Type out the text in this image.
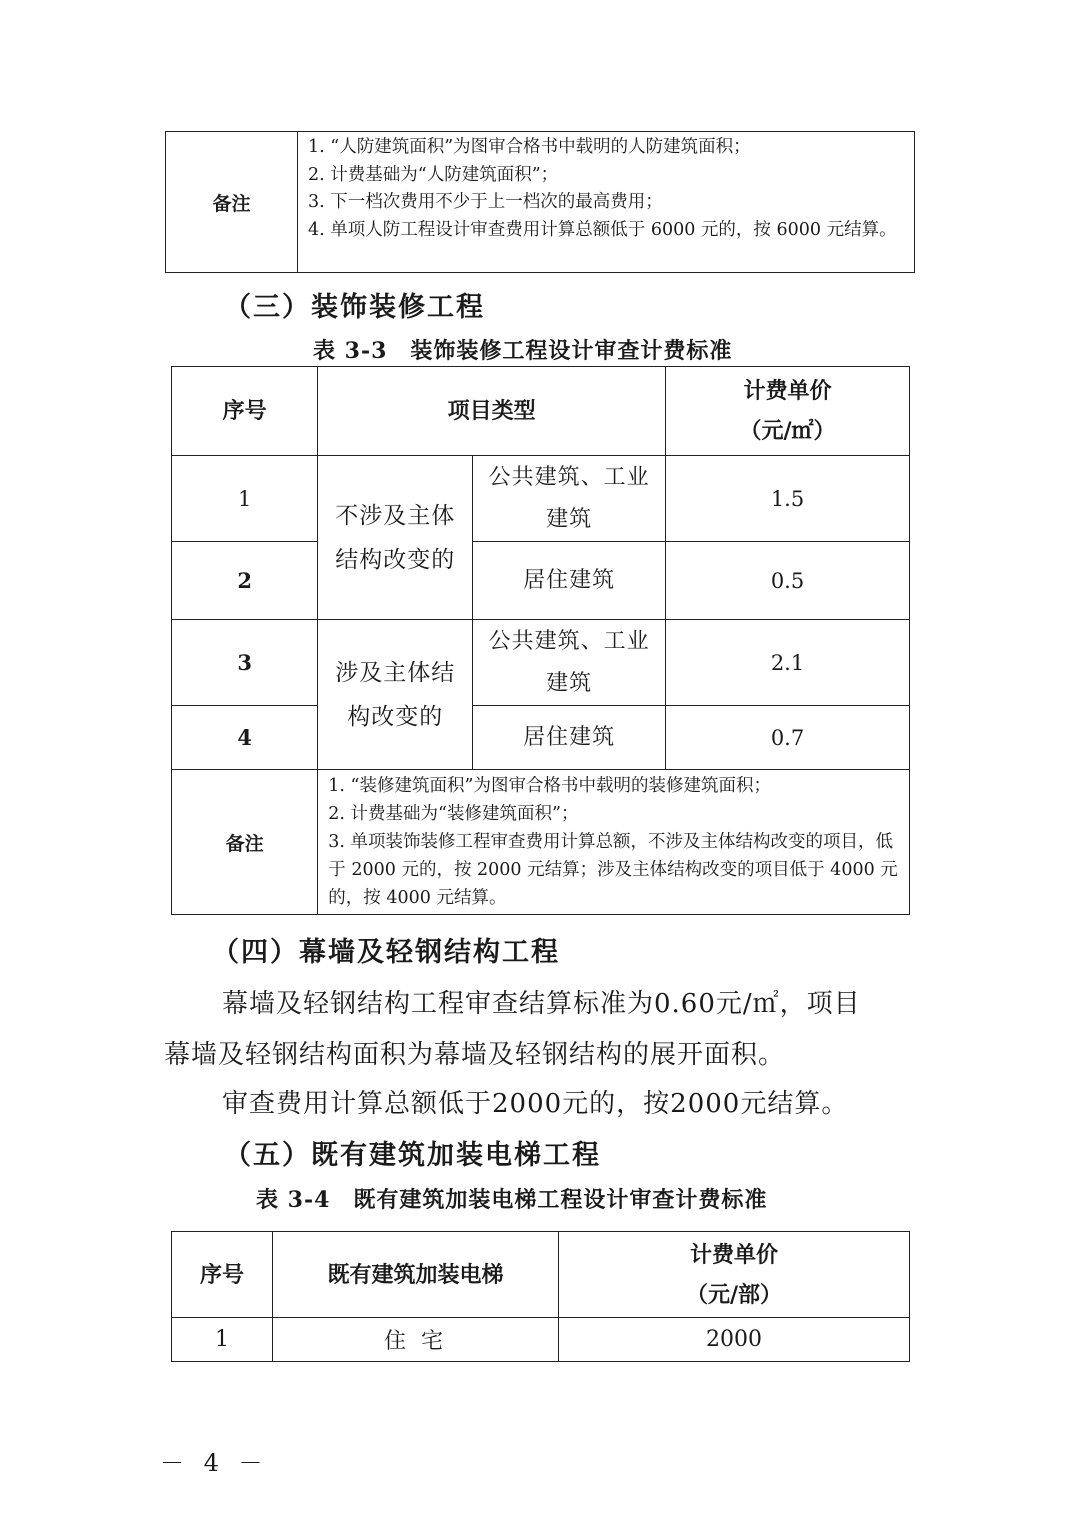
备注	
1. “人防建筑面积”为图审合格书中载明的人防建筑面积；
2. 计费基础为“人防建筑面积”；
3. 下一档次费用不少于上一档次的最高费用；
4. 单项人防工程设计审查费用计算总额低于 6000 元的，按 6000 元结算。
（三）装饰装修工程
表 3-3　装饰装修工程设计审查计费标准
序号	项目类型		计费单价
（元/㎡）

1	不涉及主体结构改变的	公共建筑、工业建筑	1.5
2		居住建筑	0.5
3	涉及主体结构改变的	公共建筑、工业建筑	2.1
4		居住建筑	0.7
备注	1. “装修建筑面积”为图审合格书中载明的装修建筑面积；
2. 计费基础为“装修建筑面积”；
3. 单项装饰装修工程审查费用计算总额，不涉及主体结构改变的项目，低于 2000 元的，按 2000 元结算；涉及主体结构改变的项目低于 4000 元的，按 4000 元结算。		
（四）幕墙及轻钢结构工程
幕墙及轻钢结构工程审查结算标准为0.60元/㎡，项目
幕墙及轻钢结构面积为幕墙及轻钢结构的展开面积。
审查费用计算总额低于2000元的，按2000元结算。
（五）既有建筑加装电梯工程
表 3-4　既有建筑加装电梯工程设计审查计费标准
序号	既有建筑加装电梯	计费单价
（元/部）

1	住 宅	2000
－ 4 －
